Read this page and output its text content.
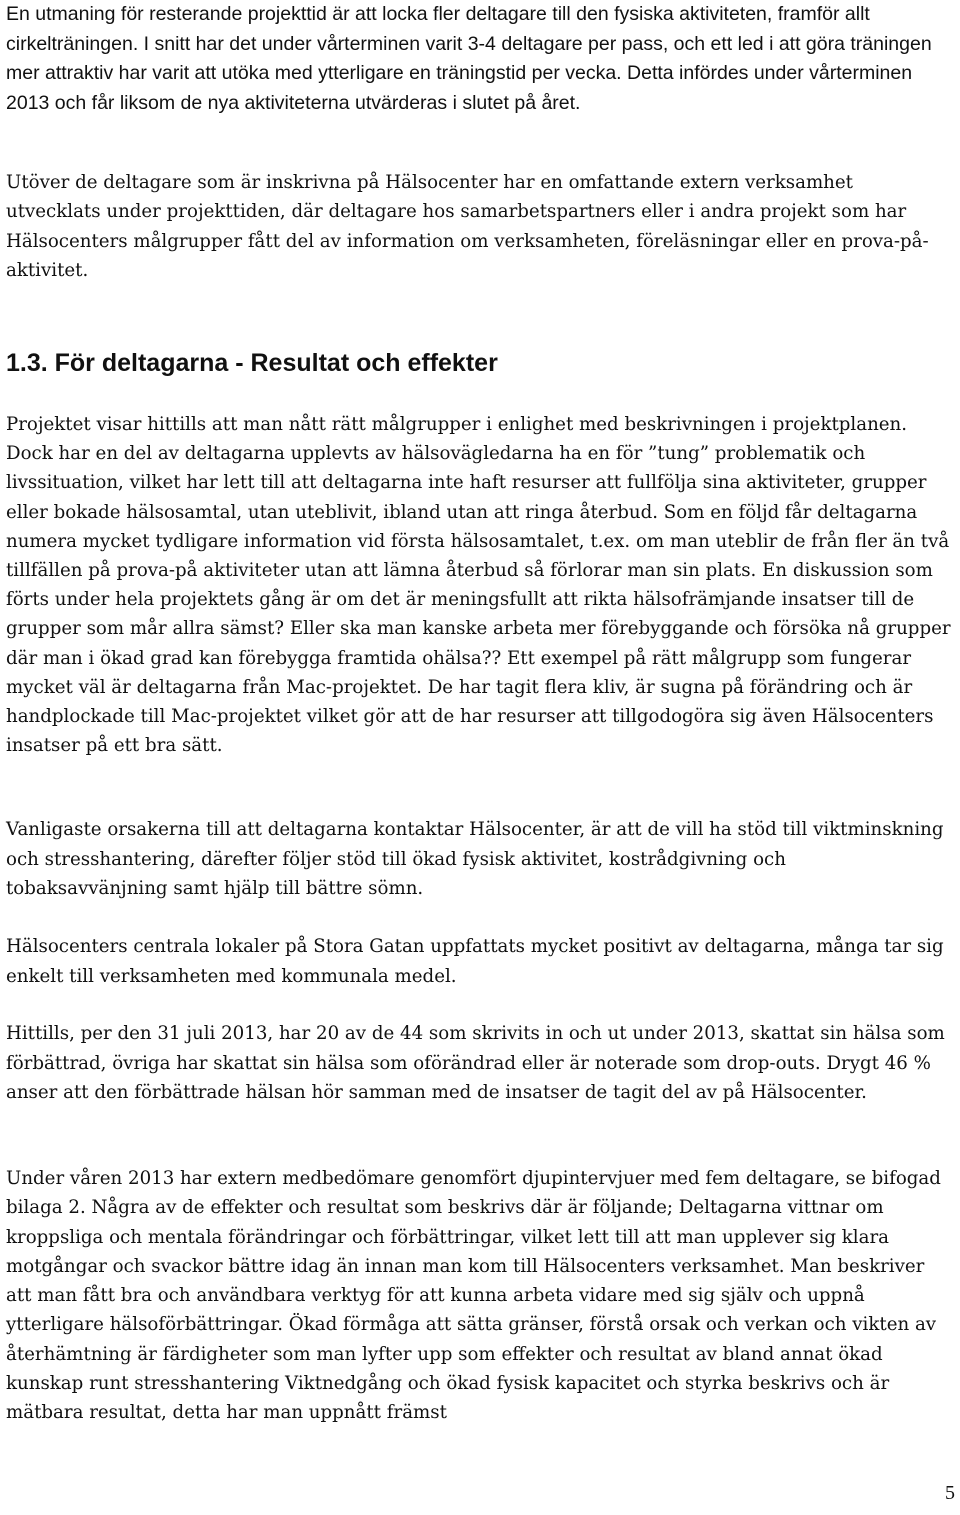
En utmaning för resterande projekttid är att locka fler deltagare till den fysiska aktiviteten, framför allt cirkelträningen. I snitt har det under vårterminen varit 3-4 deltagare per pass, och ett led i att göra träningen mer attraktiv har varit att utöka med ytterligare en träningstid per vecka. Detta infördes under vårterminen 2013 och får liksom de nya aktiviteterna utvärderas i slutet på året.

Utöver de deltagare som är inskrivna på Hälsocenter har en omfattande extern verksamhet utvecklats under projekttiden, där deltagare hos samarbetspartners eller i andra projekt som har Hälsocenters målgrupper fått del av information om verksamheten, föreläsningar eller en prova-på- aktivitet.

1.3. För deltagarna - Resultat och effekter

Projektet visar hittills att man nått rätt målgrupper i enlighet med beskrivningen i projektplanen. Dock har en del av deltagarna upplevts av hälsovägledarna ha en för ”tung” problematik och livssituation, vilket har lett till att deltagarna inte haft resurser att fullfölja sina aktiviteter, grupper eller bokade hälsosamtal, utan uteblivit, ibland utan att ringa återbud. Som en följd får deltagarna numera mycket tydligare information vid första hälsosamtalet, t.ex. om man uteblir de från fler än två tillfällen på prova-på aktiviteter utan att lämna återbud så förlorar man sin plats. En diskussion som förts under hela projektets gång är om det är meningsfullt att rikta hälsofrämjande insatser till de grupper som mår allra sämst? Eller ska man kanske arbeta mer förebyggande och försöka nå grupper där man i ökad grad kan förebygga framtida ohälsa?? Ett exempel på rätt målgrupp som fungerar mycket väl är deltagarna från Mac-projektet. De har tagit flera kliv, är sugna på förändring och är handplockade till Mac-projektet vilket gör att de har resurser att tillgodogöra sig även Hälsocenters insatser på ett bra sätt.

Vanligaste orsakerna till att deltagarna kontaktar Hälsocenter, är att de vill ha stöd till viktminskning och stresshantering, därefter följer stöd till ökad fysisk aktivitet, kostrådgivning och tobaksavvänjning samt hjälp till bättre sömn.

Hälsocenters centrala lokaler på Stora Gatan uppfattats mycket positivt av deltagarna, många tar sig enkelt till verksamheten med kommunala medel.

Hittills, per den 31 juli 2013, har 20 av de 44 som skrivits in och ut under 2013, skattat sin hälsa som förbättrad, övriga har skattat sin hälsa som oförändrad eller är noterade som drop-outs. Drygt 46 % anser att den förbättrade hälsan hör samman med de insatser de tagit del av på Hälsocenter.

Under våren 2013 har extern medbedömare genomfört djupintervjuer med fem deltagare, se bifogad bilaga 2. Några av de effekter och resultat som beskrivs där är följande; Deltagarna vittnar om kroppsliga och mentala förändringar och förbättringar, vilket lett till att man upplever sig klara motgångar och svackor bättre idag än innan man kom till Hälsocenters verksamhet. Man beskriver att man fått bra och användbara verktyg för att kunna arbeta vidare med sig själv och uppnå ytterligare hälsoförbättringar. Ökad förmåga att sätta gränser, förstå orsak och verkan och vikten av återhämtning är färdigheter som man lyfter upp som effekter och resultat av bland annat ökad kunskap runt stresshantering Viktnedgång och ökad fysisk kapacitet och styrka beskrivs och är mätbara resultat, detta har man uppnått främst

5
